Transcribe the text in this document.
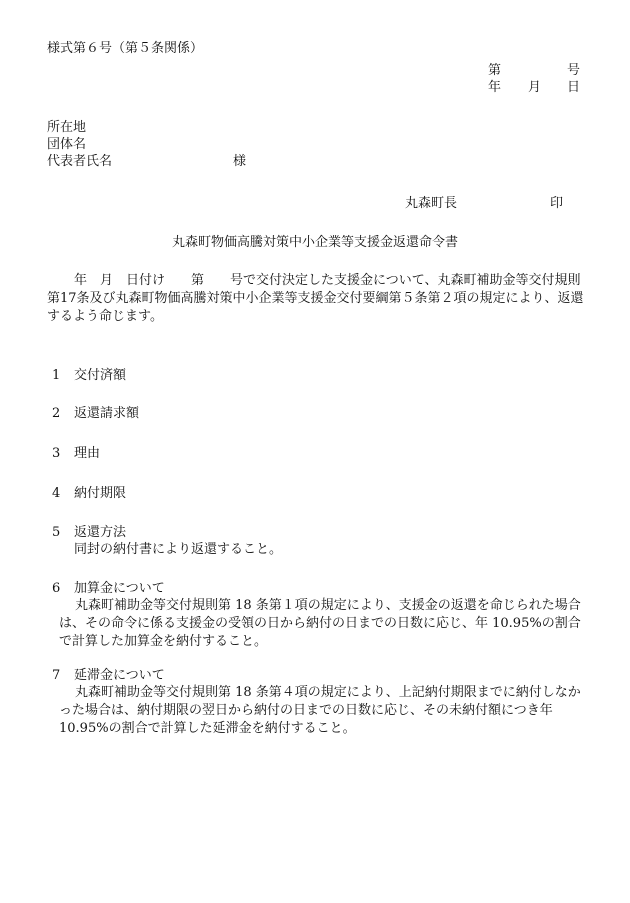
様式第６号（第５条関係）
第	号
年 月 日
所在地
団体名
代表者氏名	様
丸森町長	印
丸森町物価高騰対策中小企業等支援金返還命令書
年　月　日付け　　第　　号で交付決定した支援金について、丸森町補助金等交付規則
第17条及び丸森町物価高騰対策中小企業等支援金交付要綱第５条第２項の規定により、返還
するよう命じます。
1 交付済額
2 返還請求額
3 理由
4 納付期限
5 返還方法
同封の納付書により返還すること。
6 加算金について
丸森町補助金等交付規則第 18 条第１項の規定により、支援金の返還を命じられた場合
は、その命令に係る支援金の受領の日から納付の日までの日数に応じ、年 10.95%の割合
で計算した加算金を納付すること。
7 延滞金について
丸森町補助金等交付規則第 18 条第４項の規定により、上記納付期限までに納付しなか
った場合は、納付期限の翌日から納付の日までの日数に応じ、その未納付額につき年
10.95%の割合で計算した延滞金を納付すること。
